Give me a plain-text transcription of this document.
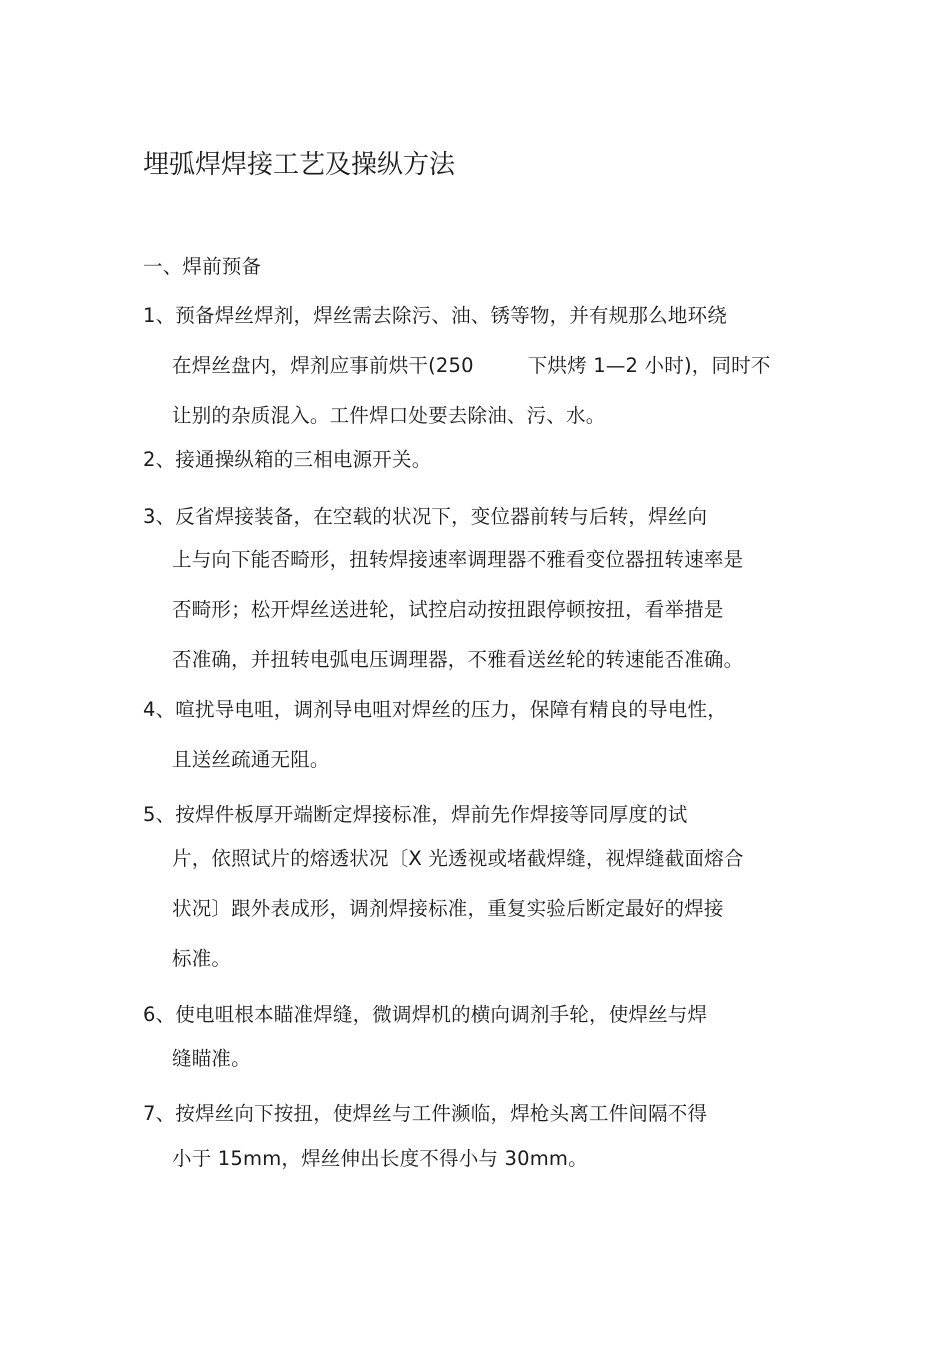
埋弧焊焊接工艺及操纵方法
一、焊前预备
1、预备焊丝焊剂，焊丝需去除污、油、锈等物，并有规那么地环绕
在焊丝盘内，焊剂应事前烘干(250	下烘烤 1—2 小时)，同时不
让别的杂质混入。工件焊口处要去除油、污、水。
2、接通操纵箱的三相电源开关。
3、反省焊接装备，在空载的状况下，变位器前转与后转，焊丝向
上与向下能否畸形，扭转焊接速率调理器不雅看变位器扭转速率是
否畸形；松开焊丝送进轮，试控启动按扭跟停顿按扭，看举措是
否准确，并扭转电弧电压调理器，不雅看送丝轮的转速能否准确。
4、喧扰导电咀，调剂导电咀对焊丝的压力，保障有精良的导电性，
且送丝疏通无阻。
5、按焊件板厚开端断定焊接标准，焊前先作焊接等同厚度的试
片，依照试片的熔透状况〔X 光透视或堵截焊缝，视焊缝截面熔合
状况〕跟外表成形，调剂焊接标准，重复实验后断定最好的焊接
标准。
6、使电咀根本瞄准焊缝，微调焊机的横向调剂手轮，使焊丝与焊
缝瞄准。
7、按焊丝向下按扭，使焊丝与工件濒临，焊枪头离工件间隔不得
小于 15mm，焊丝伸出长度不得小与 30mm。
